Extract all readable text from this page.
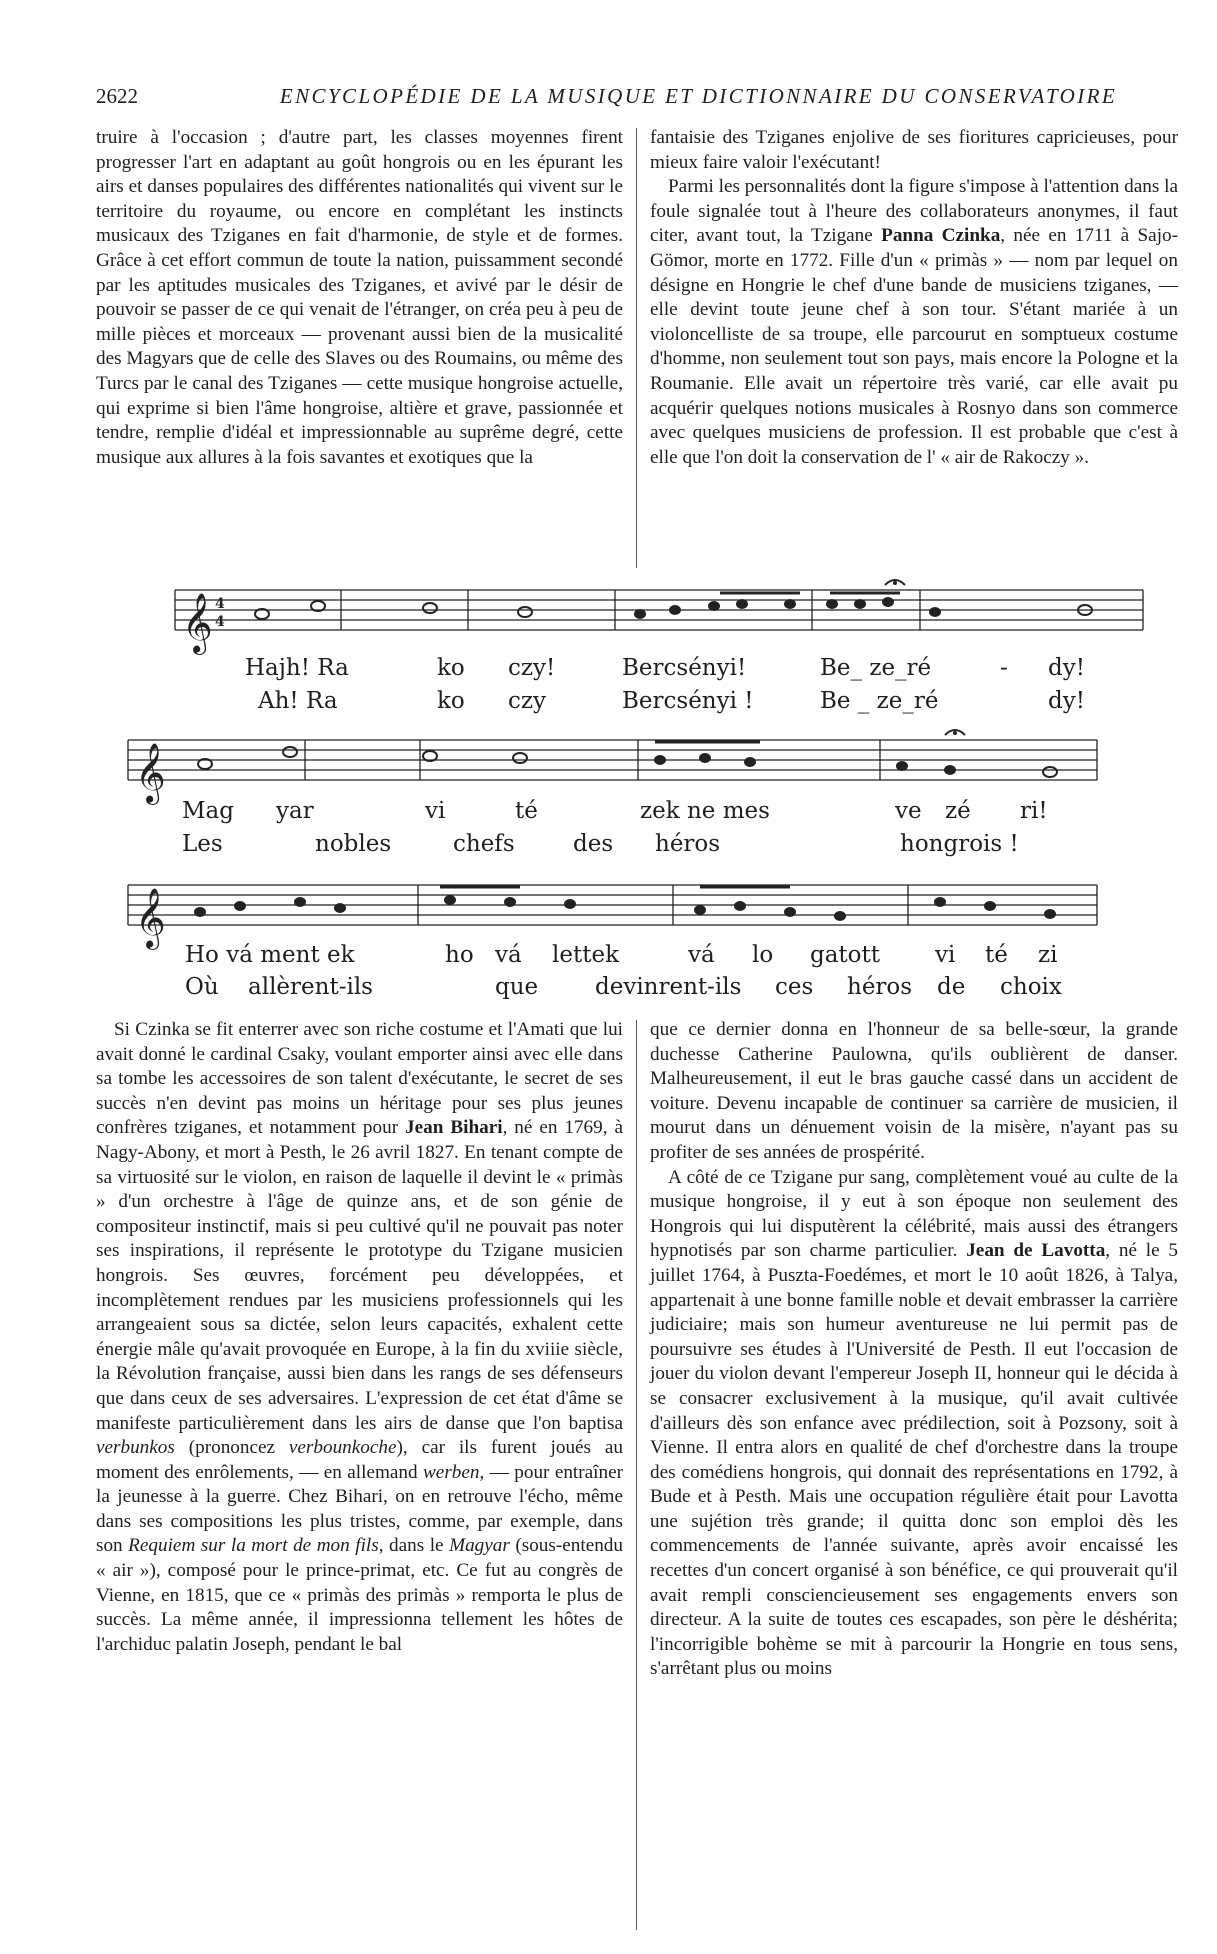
2622	ENCYCLOPÉDIE DE LA MUSIQUE ET DICTIONNAIRE DU CONSERVATOIRE

truire à l'occasion ; d'autre part, les classes moyennes firent progresser l'art en adaptant au goût hongrois ou en les épurant les airs et danses populaires des différentes nationalités qui vivent sur le territoire du royaume, ou encore en complétant les instincts musicaux des Tziganes en fait d'harmonie, de style et de formes. Grâce à cet effort commun de toute la nation, puissamment secondé par les aptitudes musicales des Tziganes, et avivé par le désir de pouvoir se passer de ce qui venait de l'étranger, on créa peu à peu de mille pièces et morceaux — provenant aussi bien de la musicalité des Magyars que de celle des Slaves ou des Roumains, ou même des Turcs par le canal des Tziganes — cette musique hongroise actuelle, qui exprime si bien l'âme hongroise, altière et grave, passionnée et tendre, remplie d'idéal et impressionnable au suprême degré, cette musique aux allures à la fois savantes et exotiques que la

fantaisie des Tziganes enjolive de ses fioritures capricieuses, pour mieux faire valoir l'exécutant!

Parmi les personnalités dont la figure s'impose à l'attention dans la foule signalée tout à l'heure des collaborateurs anonymes, il faut citer, avant tout, la Tzigane Panna Czinka, née en 1711 à Sajo-Gömor, morte en 1772. Fille d'un « primàs » — nom par lequel on désigne en Hongrie le chef d'une bande de musiciens tziganes, — elle devint toute jeune chef à son tour. S'étant mariée à un violoncelliste de sa troupe, elle parcourut en somptueux costume d'homme, non seulement tout son pays, mais encore la Pologne et la Roumanie. Elle avait un répertoire très varié, car elle avait pu acquérir quelques notions musicales à Rosnyo dans son commerce avec quelques musiciens de profession. Il est probable que c'est à elle que l'on doit la conservation de l' « air de Rakoczy ».

𝄞 4
4
𝄞
𝄞
Hajh! Ra	ko czy!	Bercsényi!	Be_ ze_ré	- dy!
Ah! Ra	ko czy	Bercsényi !	Be _ ze_ré	dy!
Mag yar	vi	té	zek ne mes	ve zé ri!
Les	nobles	chefs	des héros	hongrois !
Ho vá ment ek	ho vá lettek	vá lo gatott vi té zi
Où allèrent-ils	que devinrent-ils ces héros de choix

Si Czinka se fit enterrer avec son riche costume et l'Amati que lui avait donné le cardinal Csaky, voulant emporter ainsi avec elle dans sa tombe les accessoires de son talent d'exécutante, le secret de ses succès n'en devint pas moins un héritage pour ses plus jeunes confrères tziganes, et notamment pour Jean Bihari, né en 1769, à Nagy-Abony, et mort à Pesth, le 26 avril 1827. En tenant compte de sa virtuosité sur le violon, en raison de laquelle il devint le « primàs » d'un orchestre à l'âge de quinze ans, et de son génie de compositeur instinctif, mais si peu cultivé qu'il ne pouvait pas noter ses inspirations, il représente le prototype du Tzigane musicien hongrois. Ses œuvres, forcément peu développées, et incomplètement rendues par les musiciens professionnels qui les arrangeaient sous sa dictée, selon leurs capacités, exhalent cette énergie mâle qu'avait provoquée en Europe, à la fin du xviiie siècle, la Révolution française, aussi bien dans les rangs de ses défenseurs que dans ceux de ses adversaires. L'expression de cet état d'âme se manifeste particulièrement dans les airs de danse que l'on baptisa verbunkos (prononcez verbounkoche), car ils furent joués au moment des enrôlements, — en allemand werben, — pour entraîner la jeunesse à la guerre. Chez Bihari, on en retrouve l'écho, même dans ses compositions les plus tristes, comme, par exemple, dans son Requiem sur la mort de mon fils, dans le Magyar (sous-entendu « air »), composé pour le prince-primat, etc. Ce fut au congrès de Vienne, en 1815, que ce « primàs des primàs » remporta le plus de succès. La même année, il impressionna tellement les hôtes de l'archiduc palatin Joseph, pendant le bal

que ce dernier donna en l'honneur de sa belle-sœur, la grande duchesse Catherine Paulowna, qu'ils oublièrent de danser. Malheureusement, il eut le bras gauche cassé dans un accident de voiture. Devenu incapable de continuer sa carrière de musicien, il mourut dans un dénuement voisin de la misère, n'ayant pas su profiter de ses années de prospérité.

A côté de ce Tzigane pur sang, complètement voué au culte de la musique hongroise, il y eut à son époque non seulement des Hongrois qui lui disputèrent la célébrité, mais aussi des étrangers hypnotisés par son charme particulier. Jean de Lavotta, né le 5 juillet 1764, à Puszta-Foedémes, et mort le 10 août 1826, à Talya, appartenait à une bonne famille noble et devait embrasser la carrière judiciaire; mais son humeur aventureuse ne lui permit pas de poursuivre ses études à l'Université de Pesth. Il eut l'occasion de jouer du violon devant l'empereur Joseph II, honneur qui le décida à se consacrer exclusivement à la musique, qu'il avait cultivée d'ailleurs dès son enfance avec prédilection, soit à Pozsony, soit à Vienne. Il entra alors en qualité de chef d'orchestre dans la troupe des comédiens hongrois, qui donnait des représentations en 1792, à Bude et à Pesth. Mais une occupation régulière était pour Lavotta une sujétion très grande; il quitta donc son emploi dès les commencements de l'année suivante, après avoir encaissé les recettes d'un concert organisé à son bénéfice, ce qui prouverait qu'il avait rempli consciencieusement ses engagements envers son directeur. A la suite de toutes ces escapades, son père le déshérita; l'incorrigible bohème se mit à parcourir la Hongrie en tous sens, s'arrêtant plus ou moins
